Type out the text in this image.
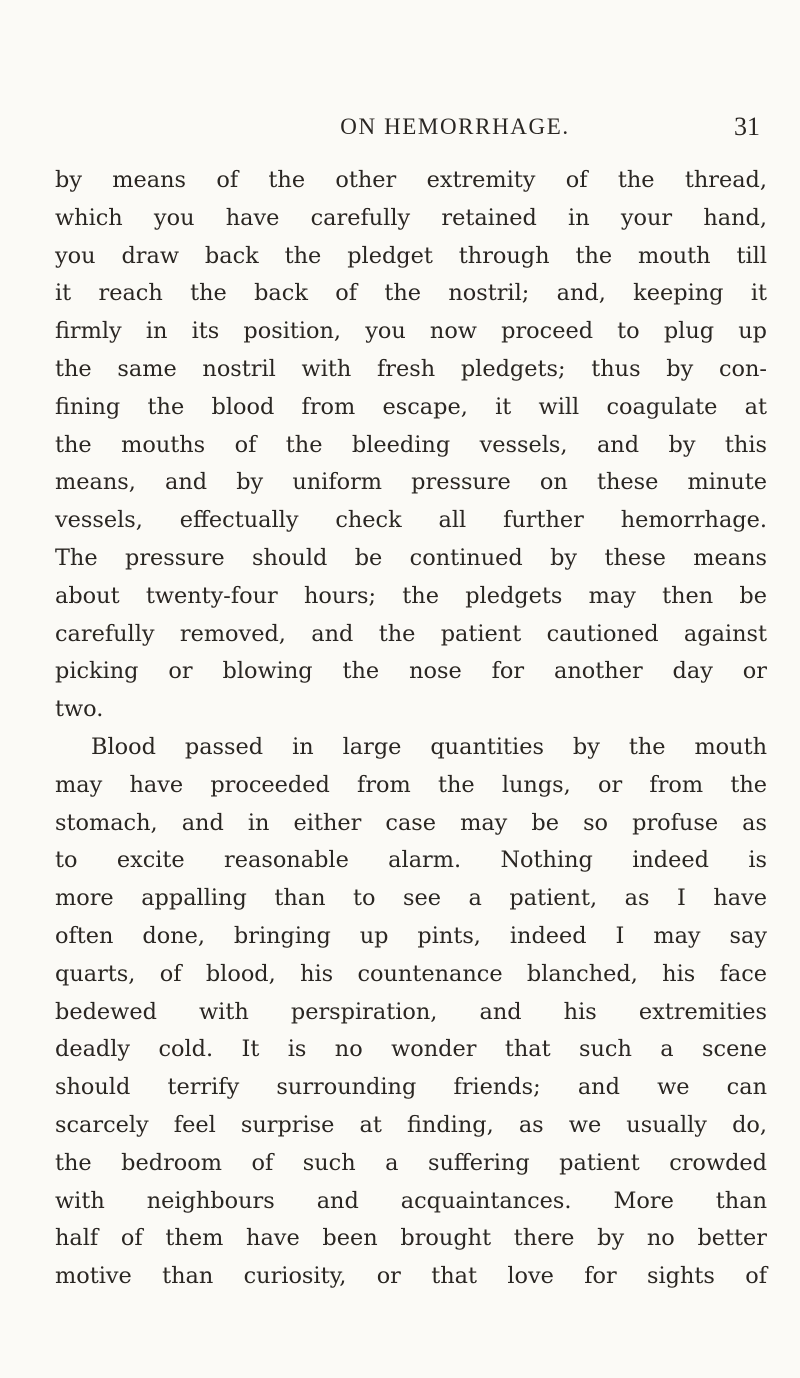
ON HEMORRHAGE.	31
by means of the other extremity of the thread,
which you have carefully retained in your hand,
you draw back the pledget through the mouth till
it reach the back of the nostril; and, keeping it
firmly in its position, you now proceed to plug up
the same nostril with fresh pledgets; thus by con-
fining the blood from escape, it will coagulate at
the mouths of the bleeding vessels, and by this
means, and by uniform pressure on these minute
vessels, effectually check all further hemorrhage.
The pressure should be continued by these means
about twenty-four hours; the pledgets may then be
carefully removed, and the patient cautioned against
picking or blowing the nose for another day or
two.
Blood passed in large quantities by the mouth
may have proceeded from the lungs, or from the
stomach, and in either case may be so profuse as
to excite reasonable alarm. Nothing indeed is
more appalling than to see a patient, as I have
often done, bringing up pints, indeed I may say
quarts, of blood, his countenance blanched, his face
bedewed with perspiration, and his extremities
deadly cold. It is no wonder that such a scene
should terrify surrounding friends; and we can
scarcely feel surprise at finding, as we usually do,
the bedroom of such a suffering patient crowded
with neighbours and acquaintances. More than
half of them have been brought there by no better
motive than curiosity, or that love for sights of
